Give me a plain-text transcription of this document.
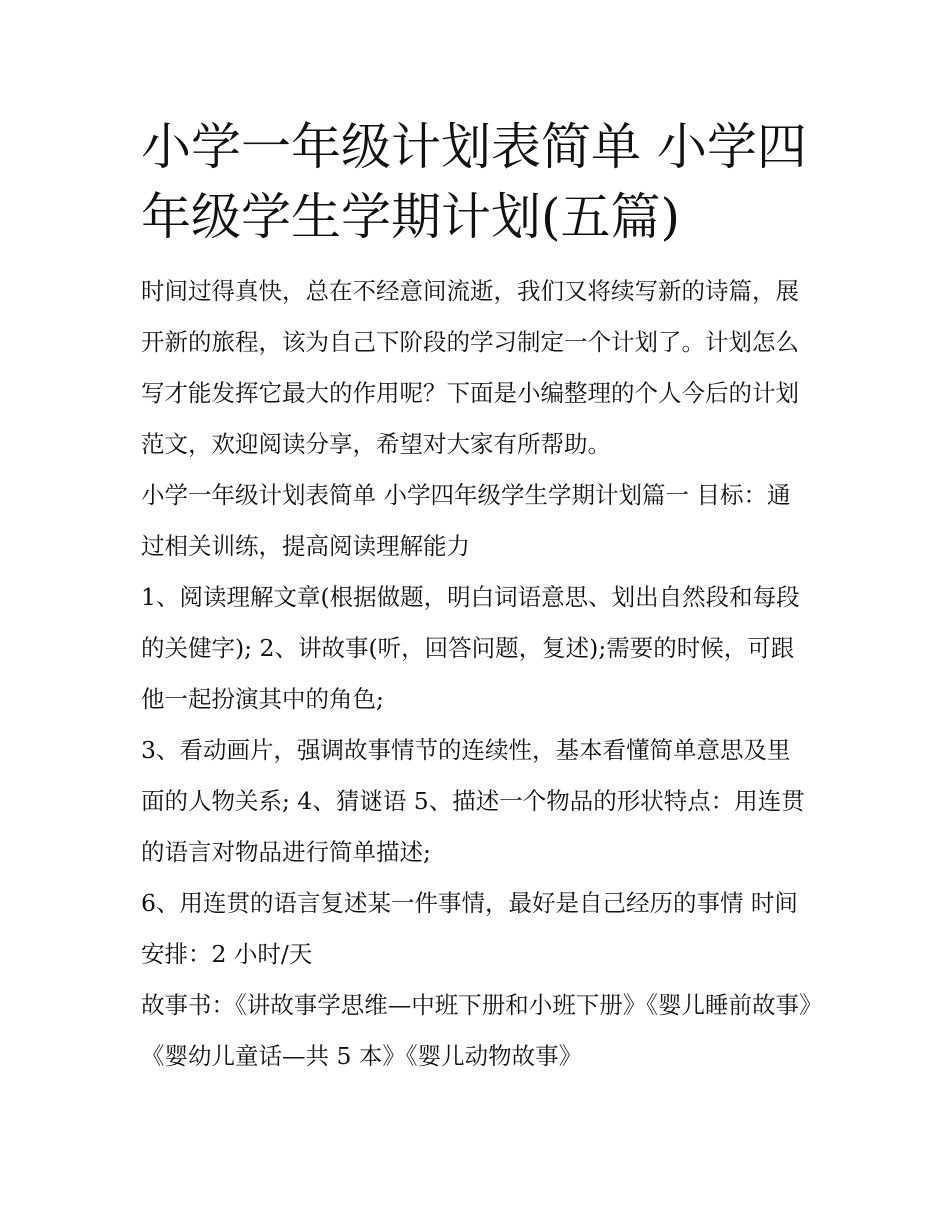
小学一年级计划表简单 小学四年级学生学期计划(五篇)

时间过得真快，总在不经意间流逝，我们又将续写新的诗篇，展开新的旅程，该为自己下阶段的学习制定一个计划了。计划怎么写才能发挥它最大的作用呢？下面是小编整理的个人今后的计划范文，欢迎阅读分享，希望对大家有所帮助。

小学一年级计划表简单 小学四年级学生学期计划篇一 目标：通过相关训练，提高阅读理解能力

1、阅读理解文章(根据做题，明白词语意思、划出自然段和每段的关健字); 2、讲故事(听，回答问题，复述);需要的时候，可跟他一起扮演其中的角色;

3、看动画片，强调故事情节的连续性，基本看懂简单意思及里面的人物关系; 4、猜谜语 5、描述一个物品的形状特点：用连贯的语言对物品进行简单描述;

6、用连贯的语言复述某一件事情，最好是自己经历的事情 时间安排：2 小时/天

故事书：《讲故事学思维—中班下册和小班下册》《婴儿睡前故事》《婴幼儿童话—共 5 本》《婴儿动物故事》
